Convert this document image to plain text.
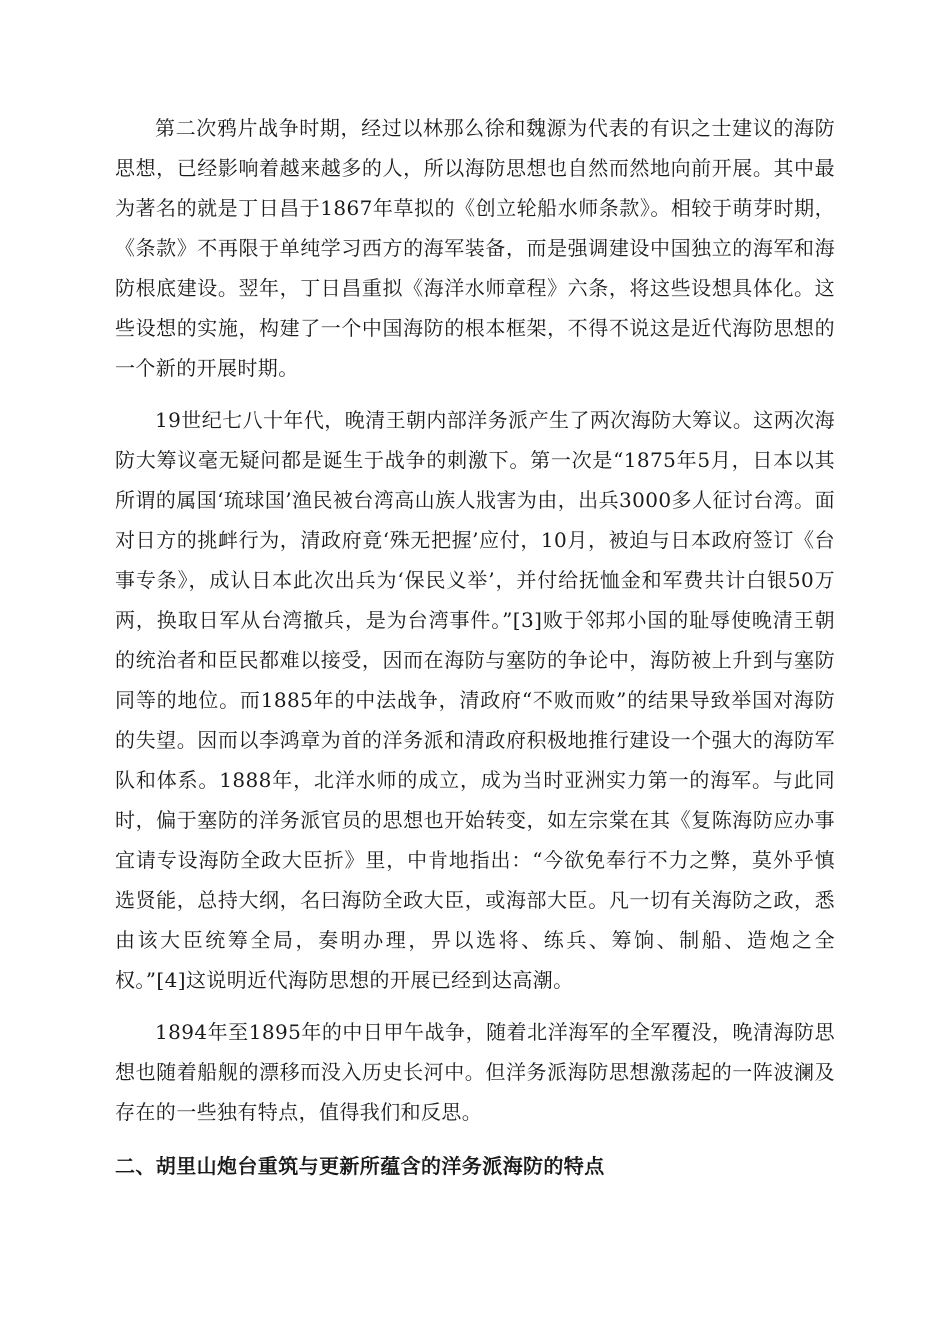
第二次鸦片战争时期，经过以林那么徐和魏源为代表的有识之士建议的海防思想，已经影响着越来越多的人，所以海防思想也自然而然地向前开展。其中最为著名的就是丁日昌于1867年草拟的《创立轮船水师条款》。相较于萌芽时期，《条款》不再限于单纯学习西方的海军装备，而是强调建设中国独立的海军和海防根底建设。翌年，丁日昌重拟《海洋水师章程》六条，将这些设想具体化。这些设想的实施，构建了一个中国海防的根本框架，不得不说这是近代海防思想的一个新的开展时期。

19世纪七八十年代，晚清王朝内部洋务派产生了两次海防大筹议。这两次海防大筹议毫无疑问都是诞生于战争的刺激下。第一次是“1875年5月，日本以其所谓的属国‘琉球国’渔民被台湾高山族人戕害为由，出兵3000多人征讨台湾。面对日方的挑衅行为，清政府竟‘殊无把握’应付，10月，被迫与日本政府签订《台事专条》，成认日本此次出兵为‘保民义举’，并付给抚恤金和军费共计白银50万两，换取日军从台湾撤兵，是为台湾事件。”[3]败于邻邦小国的耻辱使晚清王朝的统治者和臣民都难以接受，因而在海防与塞防的争论中，海防被上升到与塞防同等的地位。而1885年的中法战争，清政府“不败而败”的结果导致举国对海防的失望。因而以李鸿章为首的洋务派和清政府积极地推行建设一个强大的海防军队和体系。1888年，北洋水师的成立，成为当时亚洲实力第一的海军。与此同时，偏于塞防的洋务派官员的思想也开始转变，如左宗棠在其《复陈海防应办事宜请专设海防全政大臣折》里，中肯地指出：“今欲免奉行不力之弊，莫外乎慎选贤能，总持大纲，名曰海防全政大臣，或海部大臣。凡一切有关海防之政，悉由该大臣统筹全局，奏明办理，畀以选将、练兵、筹饷、制船、造炮之全权。”[4]这说明近代海防思想的开展已经到达高潮。

1894年至1895年的中日甲午战争，随着北洋海军的全军覆没，晚清海防思想也随着船舰的漂移而没入历史长河中。但洋务派海防思想激荡起的一阵波澜及存在的一些独有特点，值得我们和反思。

二、胡里山炮台重筑与更新所蕴含的洋务派海防的特点
